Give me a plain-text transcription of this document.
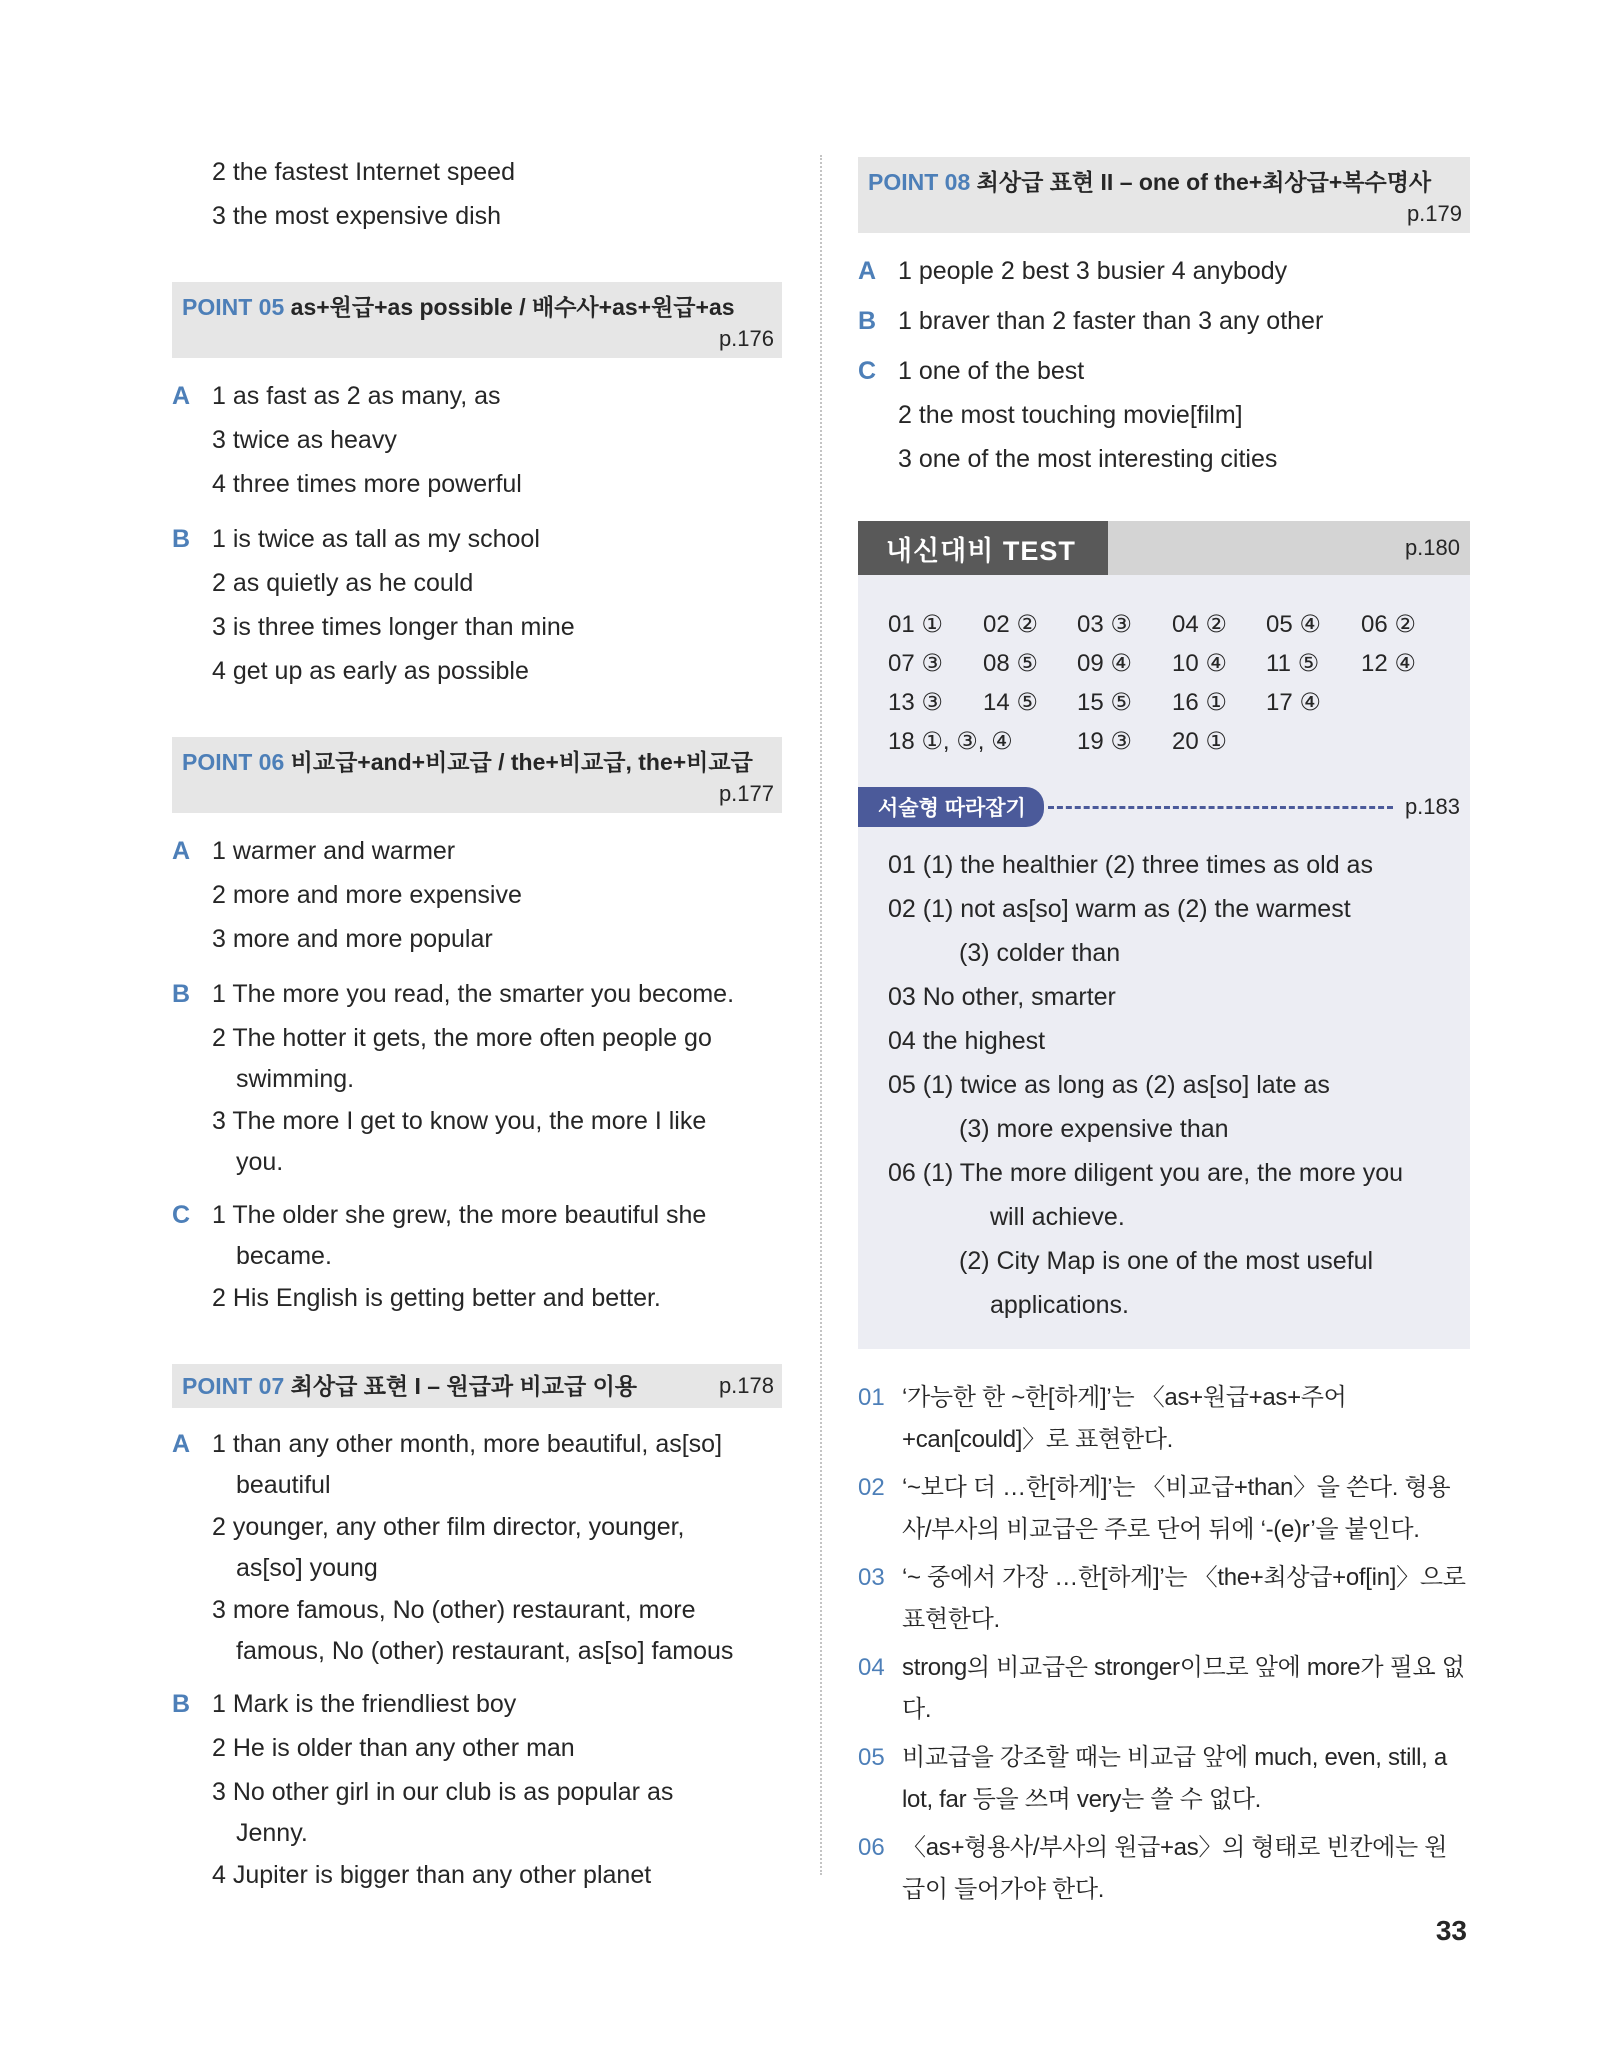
2 the fastest Internet speed
3 the most expensive dish
POINT 05 as+원급+as possible / 배수사+as+원급+as
p.176
A 1 as fast as 2 as many, as
3 twice as heavy
4 three times more powerful
B 1 is twice as tall as my school
2 as quietly as he could
3 is three times longer than mine
4 get up as early as possible
POINT 06 비교급+and+비교급 / the+비교급, the+비교급
p.177
A 1 warmer and warmer
2 more and more expensive
3 more and more popular
B 1 The more you read, the smarter you become.
2 The hotter it gets, the more often people go
swimming.
3 The more I get to know you, the more I like
you.
C 1 The older she grew, the more beautiful she
became.
2 His English is getting better and better.
POINT 07 최상급 표현 I – 원급과 비교급 이용	p.178
A 1 than any other month, more beautiful, as[so]
beautiful
2 younger, any other film director, younger,
as[so] young
3 more famous, No (other) restaurant, more
famous, No (other) restaurant, as[so] famous
B 1 Mark is the friendliest boy
2 He is older than any other man
3 No other girl in our club is as popular as
Jenny.
4 Jupiter is bigger than any other planet
POINT 08 최상급 표현 II – one of the+최상급+복수명사
p.179
A 1 people 2 best 3 busier 4 anybody
B 1 braver than 2 faster than 3 any other
C 1 one of the best
2 the most touching movie[film]
3 one of the most interesting cities
내신대비 TEST	p.180
01 ①	02 ②	03 ③	04 ②	05 ④	06 ②
07 ③	08 ⑤	09 ④	10 ④	11 ⑤	12 ④
13 ③	14 ⑤	15 ⑤	16 ①	17 ④
18 ①, ③, ④	19 ③	20 ①
서술형 따라잡기	p.183
01 (1) the healthier (2) three times as old as
02 (1) not as[so] warm as (2) the warmest
(3) colder than
03 No other, smarter
04 the highest
05 (1) twice as long as (2) as[so] late as
(3) more expensive than
06 (1) The more diligent you are, the more you
will achieve.
(2) City Map is one of the most useful
applications.
01 ‘가능한 한 ~한[하게]’는 〈as+원급+as+주어+can[could]〉로 표현한다.
02 ‘~보다 더 …한[하게]’는 〈비교급+than〉을 쓴다. 형용사/부사의 비교급은 주로 단어 뒤에 ‘-(e)r’을 붙인다.
03 ‘~ 중에서 가장 …한[하게]’는 〈the+최상급+of[in]〉으로 표현한다.
04 strong의 비교급은 stronger이므로 앞에 more가 필요 없다.
05 비교급을 강조할 때는 비교급 앞에 much, even, still, a lot, far 등을 쓰며 very는 쓸 수 없다.
06 〈as+형용사/부사의 원급+as〉의 형태로 빈칸에는 원급이 들어가야 한다.
33
